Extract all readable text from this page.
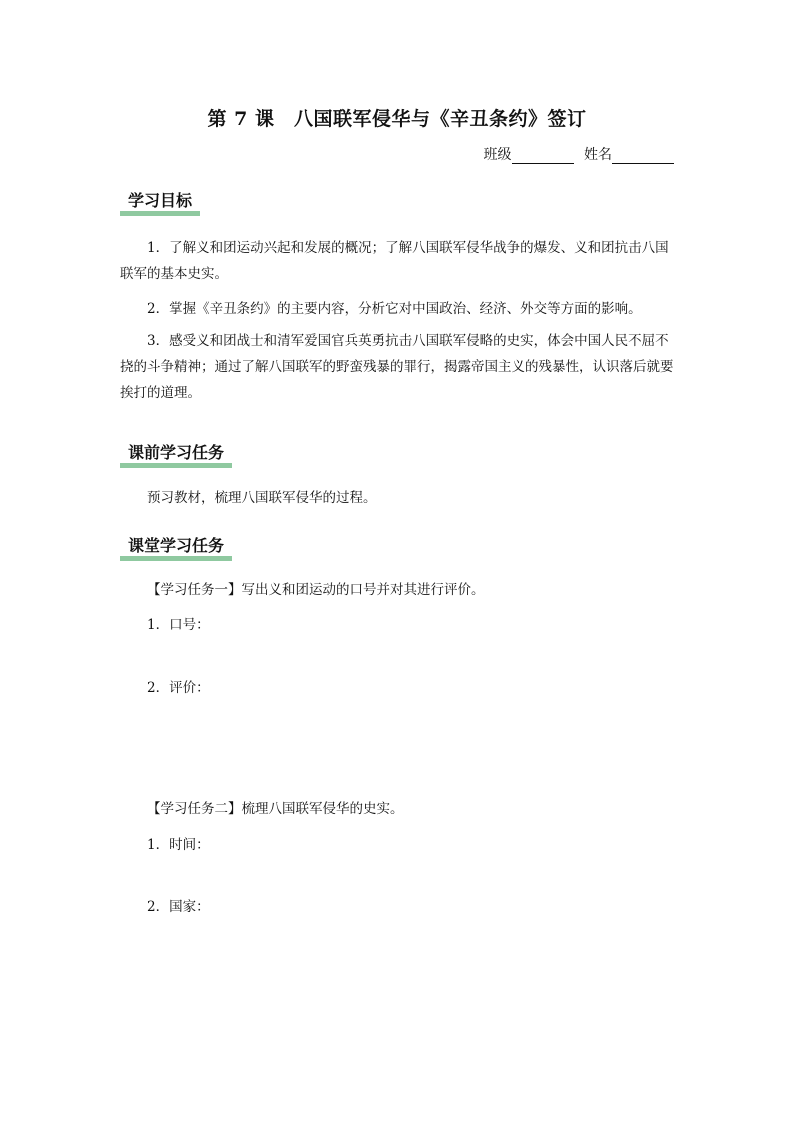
第 7 课　八国联军侵华与《辛丑条约》签订
班级	姓名
学习目标
1．了解义和团运动兴起和发展的概况；了解八国联军侵华战争的爆发、义和团抗击八国联军的基本史实。
2．掌握《辛丑条约》的主要内容，分析它对中国政治、经济、外交等方面的影响。
3．感受义和团战士和清军爱国官兵英勇抗击八国联军侵略的史实，体会中国人民不屈不挠的斗争精神；通过了解八国联军的野蛮残暴的罪行，揭露帝国主义的残暴性，认识落后就要挨打的道理。
课前学习任务
预习教材，梳理八国联军侵华的过程。
课堂学习任务
【学习任务一】写出义和团运动的口号并对其进行评价。
1．口号：
2．评价：
【学习任务二】梳理八国联军侵华的史实。
1．时间：
2．国家：
